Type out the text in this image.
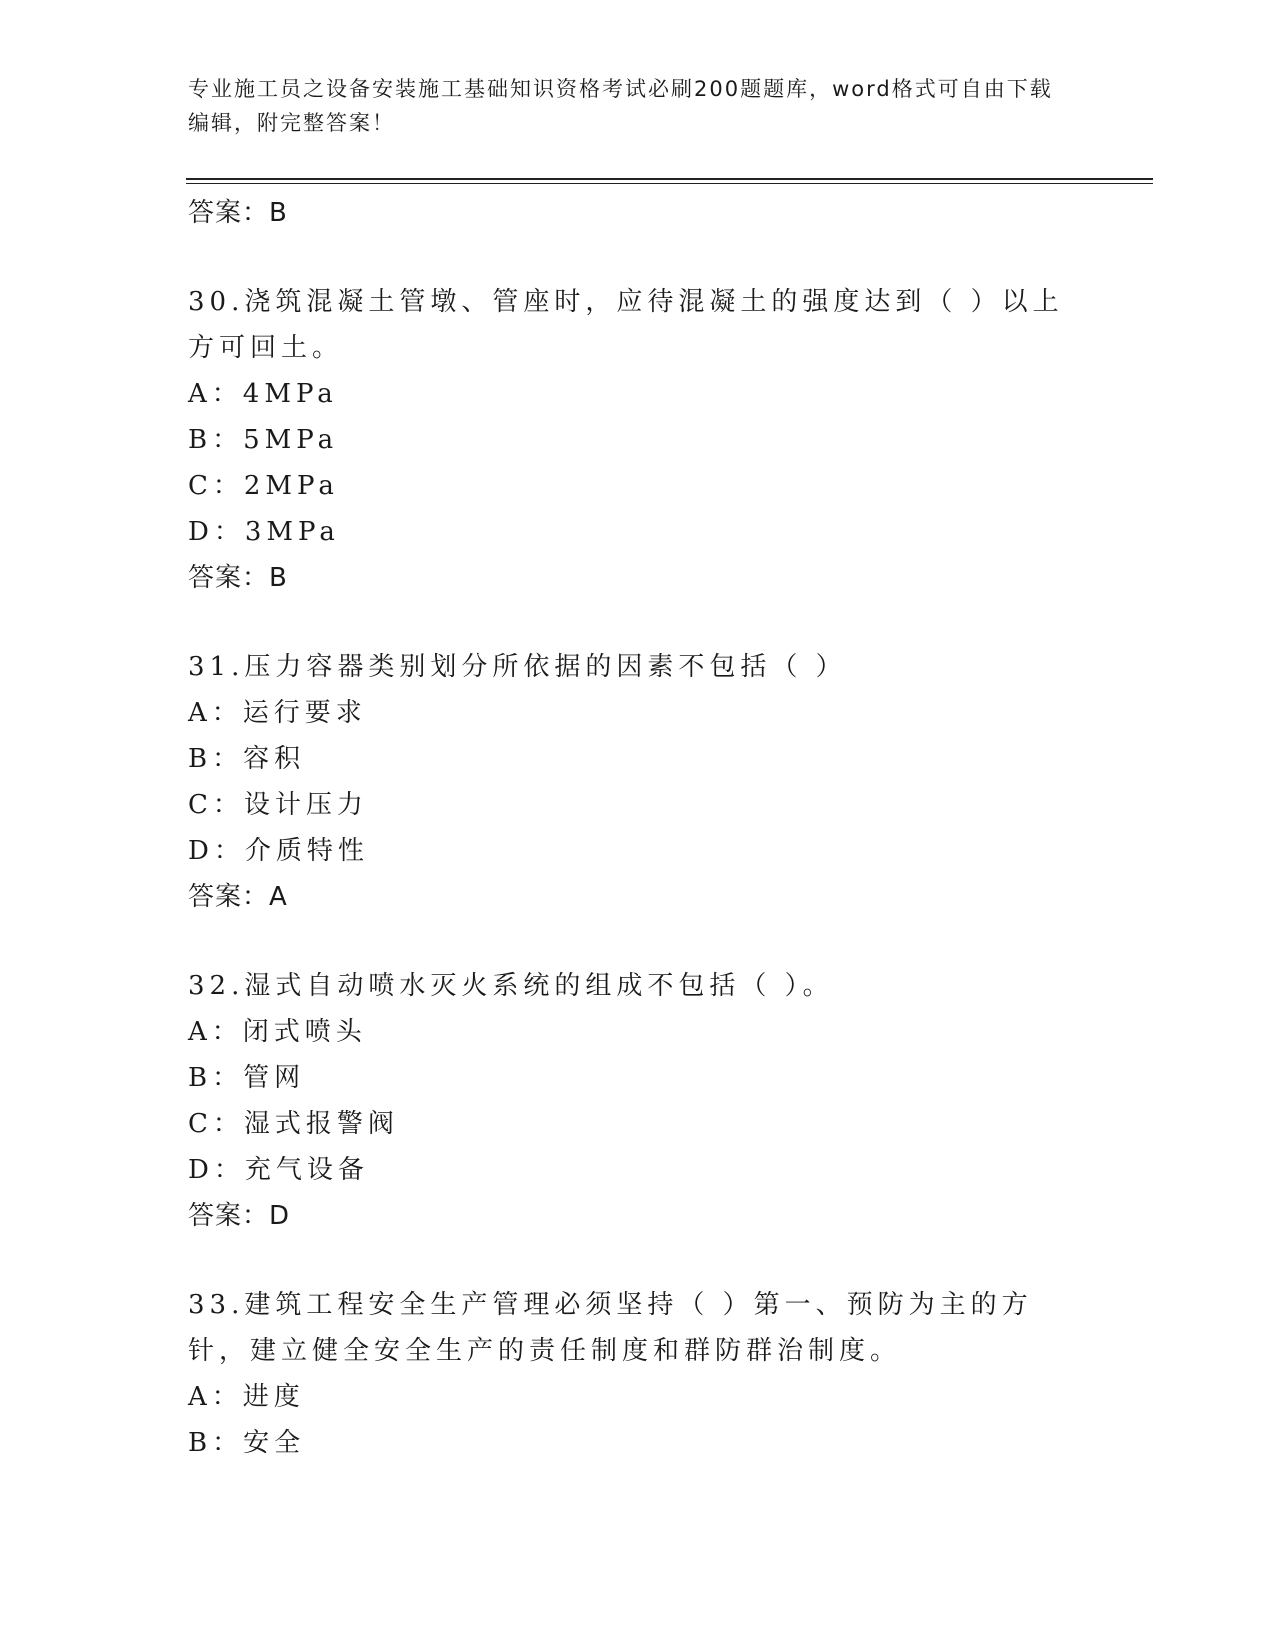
专业施工员之设备安装施工基础知识资格考试必刷200题题库，word格式可自由下载编辑，附完整答案！

答案：B

30.浇筑混凝土管墩、管座时，应待混凝土的强度达到（ ）以上方可回土。

A：4MPa

B：5MPa

C：2MPa

D：3MPa

答案：B

31.压力容器类别划分所依据的因素不包括（ ）

A：运行要求

B：容积

C：设计压力

D：介质特性

答案：A

32.湿式自动喷水灭火系统的组成不包括（ ）。

A：闭式喷头

B：管网

C：湿式报警阀

D：充气设备

答案：D

33.建筑工程安全生产管理必须坚持（ ）第一、预防为主的方针，建立健全安全生产的责任制度和群防群治制度。

A：进度

B：安全
